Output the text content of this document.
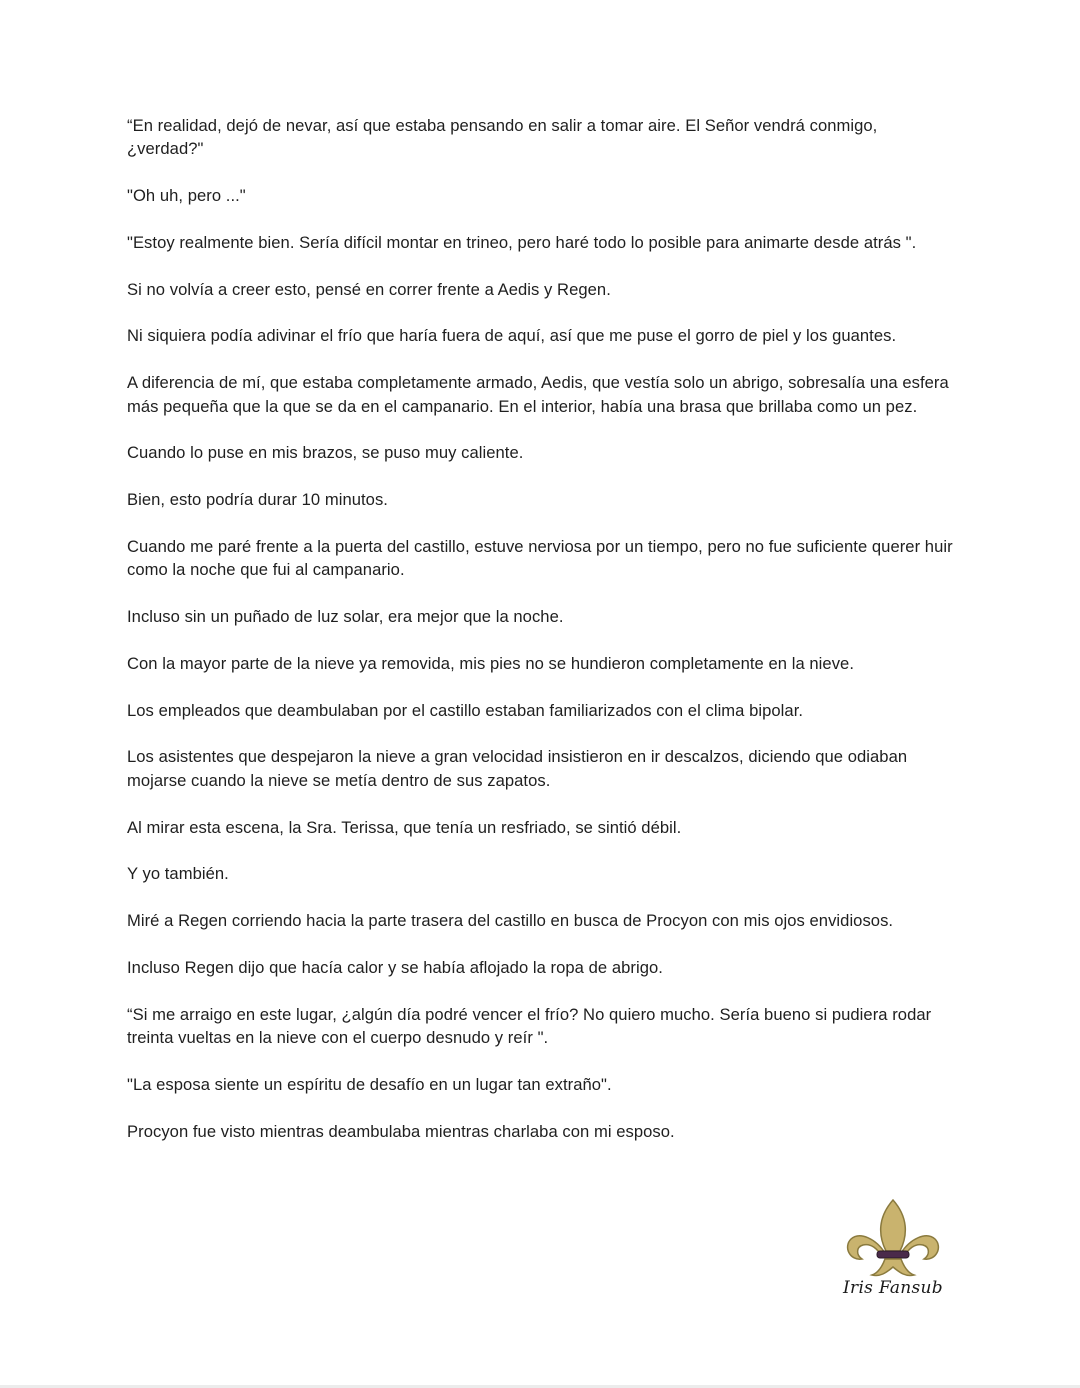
“En realidad, dejó de nevar, así que estaba pensando en salir a tomar aire. El Señor vendrá conmigo, ¿verdad?"

"Oh uh, pero ..."

"Estoy realmente bien. Sería difícil montar en trineo, pero haré todo lo posible para animarte desde atrás ".

Si no volvía a creer esto, pensé en correr frente a Aedis y Regen.

Ni siquiera podía adivinar el frío que haría fuera de aquí, así que me puse el gorro de piel y los guantes.

A diferencia de mí, que estaba completamente armado, Aedis, que vestía solo un abrigo, sobresalía una esfera más pequeña que la que se da en el campanario. En el interior, había una brasa que brillaba como un pez.

Cuando lo puse en mis brazos, se puso muy caliente.

Bien, esto podría durar 10 minutos.

Cuando me paré frente a la puerta del castillo, estuve nerviosa por un tiempo, pero no fue suficiente querer huir como la noche que fui al campanario.

Incluso sin un puñado de luz solar, era mejor que la noche.

Con la mayor parte de la nieve ya removida, mis pies no se hundieron completamente en la nieve.

Los empleados que deambulaban por el castillo estaban familiarizados con el clima bipolar.

Los asistentes que despejaron la nieve a gran velocidad insistieron en ir descalzos, diciendo que odiaban mojarse cuando la nieve se metía dentro de sus zapatos.

Al mirar esta escena, la Sra. Terissa, que tenía un resfriado, se sintió débil.

Y yo también.

Miré a Regen corriendo hacia la parte trasera del castillo en busca de Procyon con mis ojos envidiosos.

Incluso Regen dijo que hacía calor y se había aflojado la ropa de abrigo.

“Si me arraigo en este lugar, ¿algún día podré vencer el frío? No quiero mucho. Sería bueno si pudiera rodar treinta vueltas en la nieve con el cuerpo desnudo y reír ".

"La esposa siente un espíritu de desafío en un lugar tan extraño".

Procyon fue visto mientras deambulaba mientras charlaba con mi esposo.

Iris Fansub
